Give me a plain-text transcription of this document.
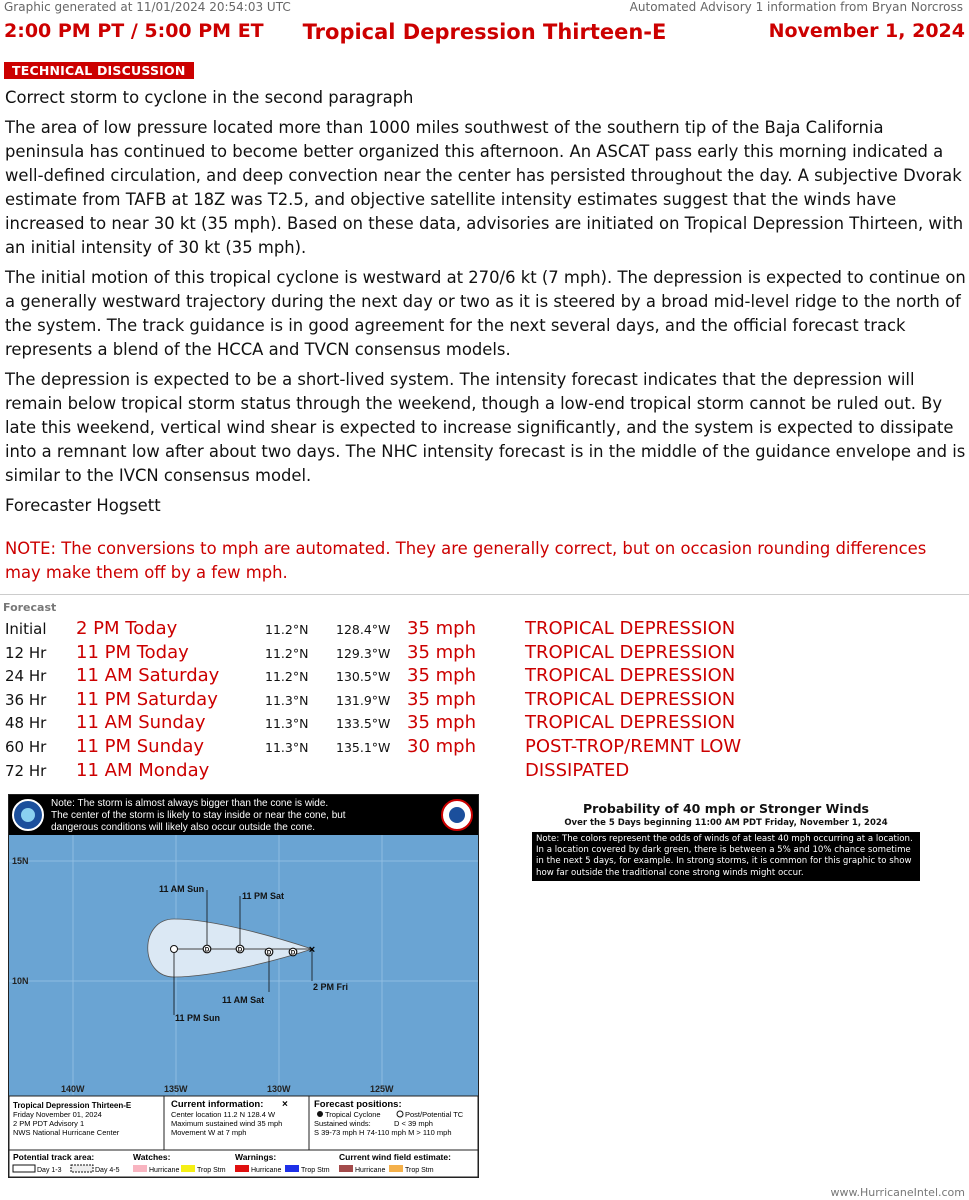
Graphic generated at 11/01/2024 20:54:03 UTC	Automated Advisory 1 information from Bryan Norcross
2:00 PM PT / 5:00 PM ET	Tropical Depression Thirteen-E	November 1, 2024
TECHNICAL DISCUSSION

Correct storm to cyclone in the second paragraph

The area of low pressure located more than 1000 miles southwest of the southern tip of the Baja California peninsula has continued to become better organized this afternoon. An ASCAT pass early this morning indicated a well-defined circulation, and deep convection near the center has persisted throughout the day. A subjective Dvorak estimate from TAFB at 18Z was T2.5, and objective satellite intensity estimates suggest that the winds have increased to near 30 kt (35 mph). Based on these data, advisories are initiated on Tropical Depression Thirteen, with an initial intensity of 30 kt (35 mph).

The initial motion of this tropical cyclone is westward at 270/6 kt (7 mph). The depression is expected to continue on a generally westward trajectory during the next day or two as it is steered by a broad mid-level ridge to the north of the system. The track guidance is in good agreement for the next several days, and the official forecast track represents a blend of the HCCA and TVCN consensus models.

The depression is expected to be a short-lived system. The intensity forecast indicates that the depression will remain below tropical storm status through the weekend, though a low-end tropical storm cannot be ruled out. By late this weekend, vertical wind shear is expected to increase significantly, and the system is expected to dissipate into a remnant low after about two days. The NHC intensity forecast is in the middle of the guidance envelope and is similar to the IVCN consensus model.

Forecaster Hogsett

NOTE: The conversions to mph are automated. They are generally correct, but on occasion rounding differences may make them off by a few mph.
Forecast
Initial 2 PM Today	11.2°N 128.4°W 35 mph	TROPICAL DEPRESSION
12 Hr 11 PM Today	11.2°N 129.3°W 35 mph	TROPICAL DEPRESSION
24 Hr 11 AM Saturday	11.2°N 130.5°W 35 mph	TROPICAL DEPRESSION
36 Hr 11 PM Saturday	11.3°N 131.9°W 35 mph	TROPICAL DEPRESSION
48 Hr 11 AM Sunday	11.3°N 133.5°W 35 mph	TROPICAL DEPRESSION
60 Hr 11 PM Sunday	11.3°N 135.1°W 30 mph	POST-TROP/REMNT LOW
72 Hr 11 AM Monday	DISSIPATED
Note: The storm is almost always bigger than the cone is wide.
The center of the storm is likely to stay inside or near the cone, but
dangerous conditions will likely also occur outside the cone.
15N
10N
140W	135W	130W	125W
D	D	D	D ×
11 AM Sun
11 PM Sat
2 PM Fri
11 AM Sat
11 PM Sun
Tropical Depression Thirteen-E
Friday November 01, 2024
2 PM PDT Advisory 1
NWS National Hurricane Center
Current information: ×
Center location 11.2 N 128.4 W
Maximum sustained wind 35 mph
Movement W at 7 mph
Forecast positions:
Tropical Cyclone	Post/Potential TC
Sustained winds:	D < 39 mph
S 39-73 mph H 74-110 mph M > 110 mph
Potential track area:
Day 1-3	Day 4-5
Watches:
Hurricane	Trop Stm
Warnings:
Hurricane	Trop Stm
Current wind field estimate:
Hurricane	Trop Stm
Probability of 40 mph or Stronger Winds
Over the 5 Days beginning 11:00 AM PDT Friday, November 1, 2024
Note: The colors represent the odds of winds of at least 40 mph occurring at a location. In a location covered by dark green, there is between a 5% and 10% chance sometime in the next 5 days, for example. In strong storms, it is common for this graphic to show how far outside the traditional cone strong winds might occur.
www.HurricaneIntel.com
